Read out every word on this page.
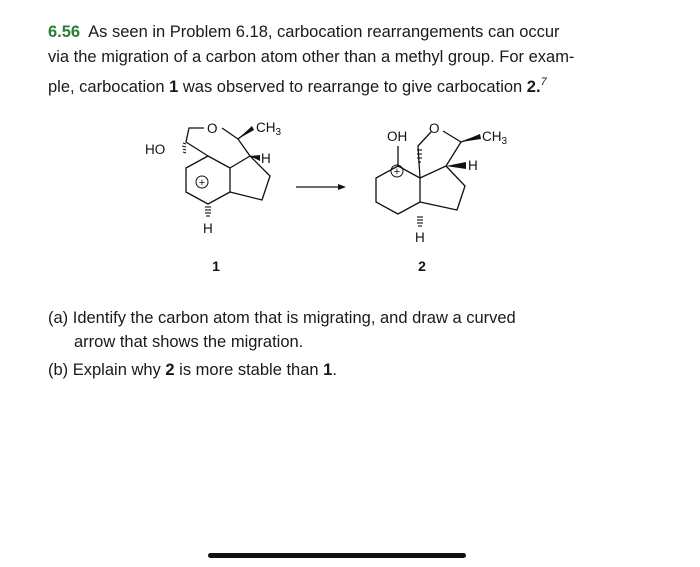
6.56 As seen in Problem 6.18, carbocation rearrangements can occur
via the migration of a carbon atom other than a methyl group. For exam-
ple, carbocation 1 was observed to rearrange to give carbocation 2.$^7$
HO
O	$CH_3$
H
H
+
1
OH
O
$CH_3$
H
H
+
2
(a) Identify the carbon atom that is migrating, and draw a curved
arrow that shows the migration.
(b) Explain why 2 is more stable than 1.
